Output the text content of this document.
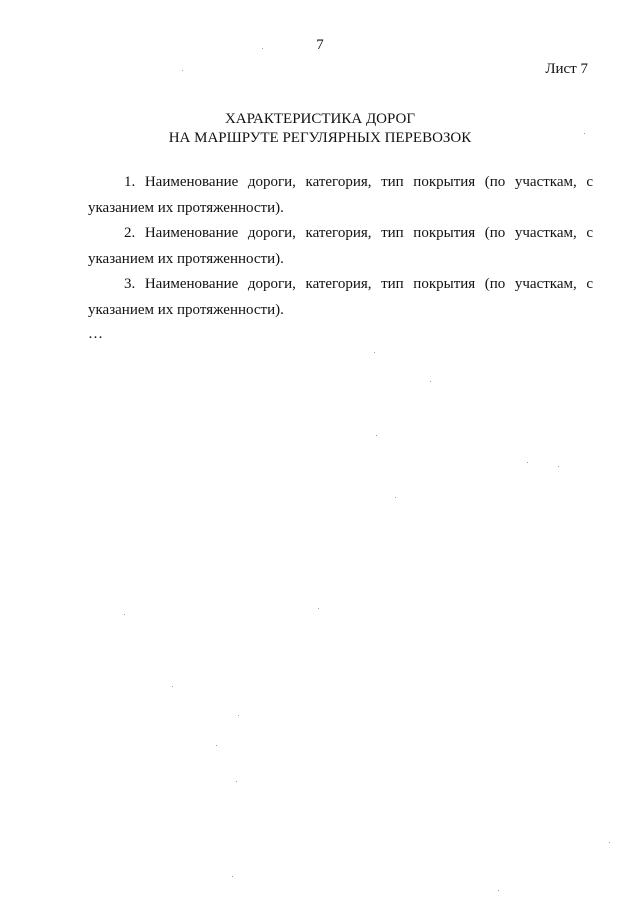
7
Лист 7
ХАРАКТЕРИСТИКА ДОРОГ
НА МАРШРУТЕ РЕГУЛЯРНЫХ ПЕРЕВОЗОК

1. Наименование дороги, категория, тип покрытия (по участкам, с указанием их протяженности).

2. Наименование дороги, категория, тип покрытия (по участкам, с указанием их протяженности).

3. Наименование дороги, категория, тип покрытия (по участкам, с указанием их протяженности).

…
